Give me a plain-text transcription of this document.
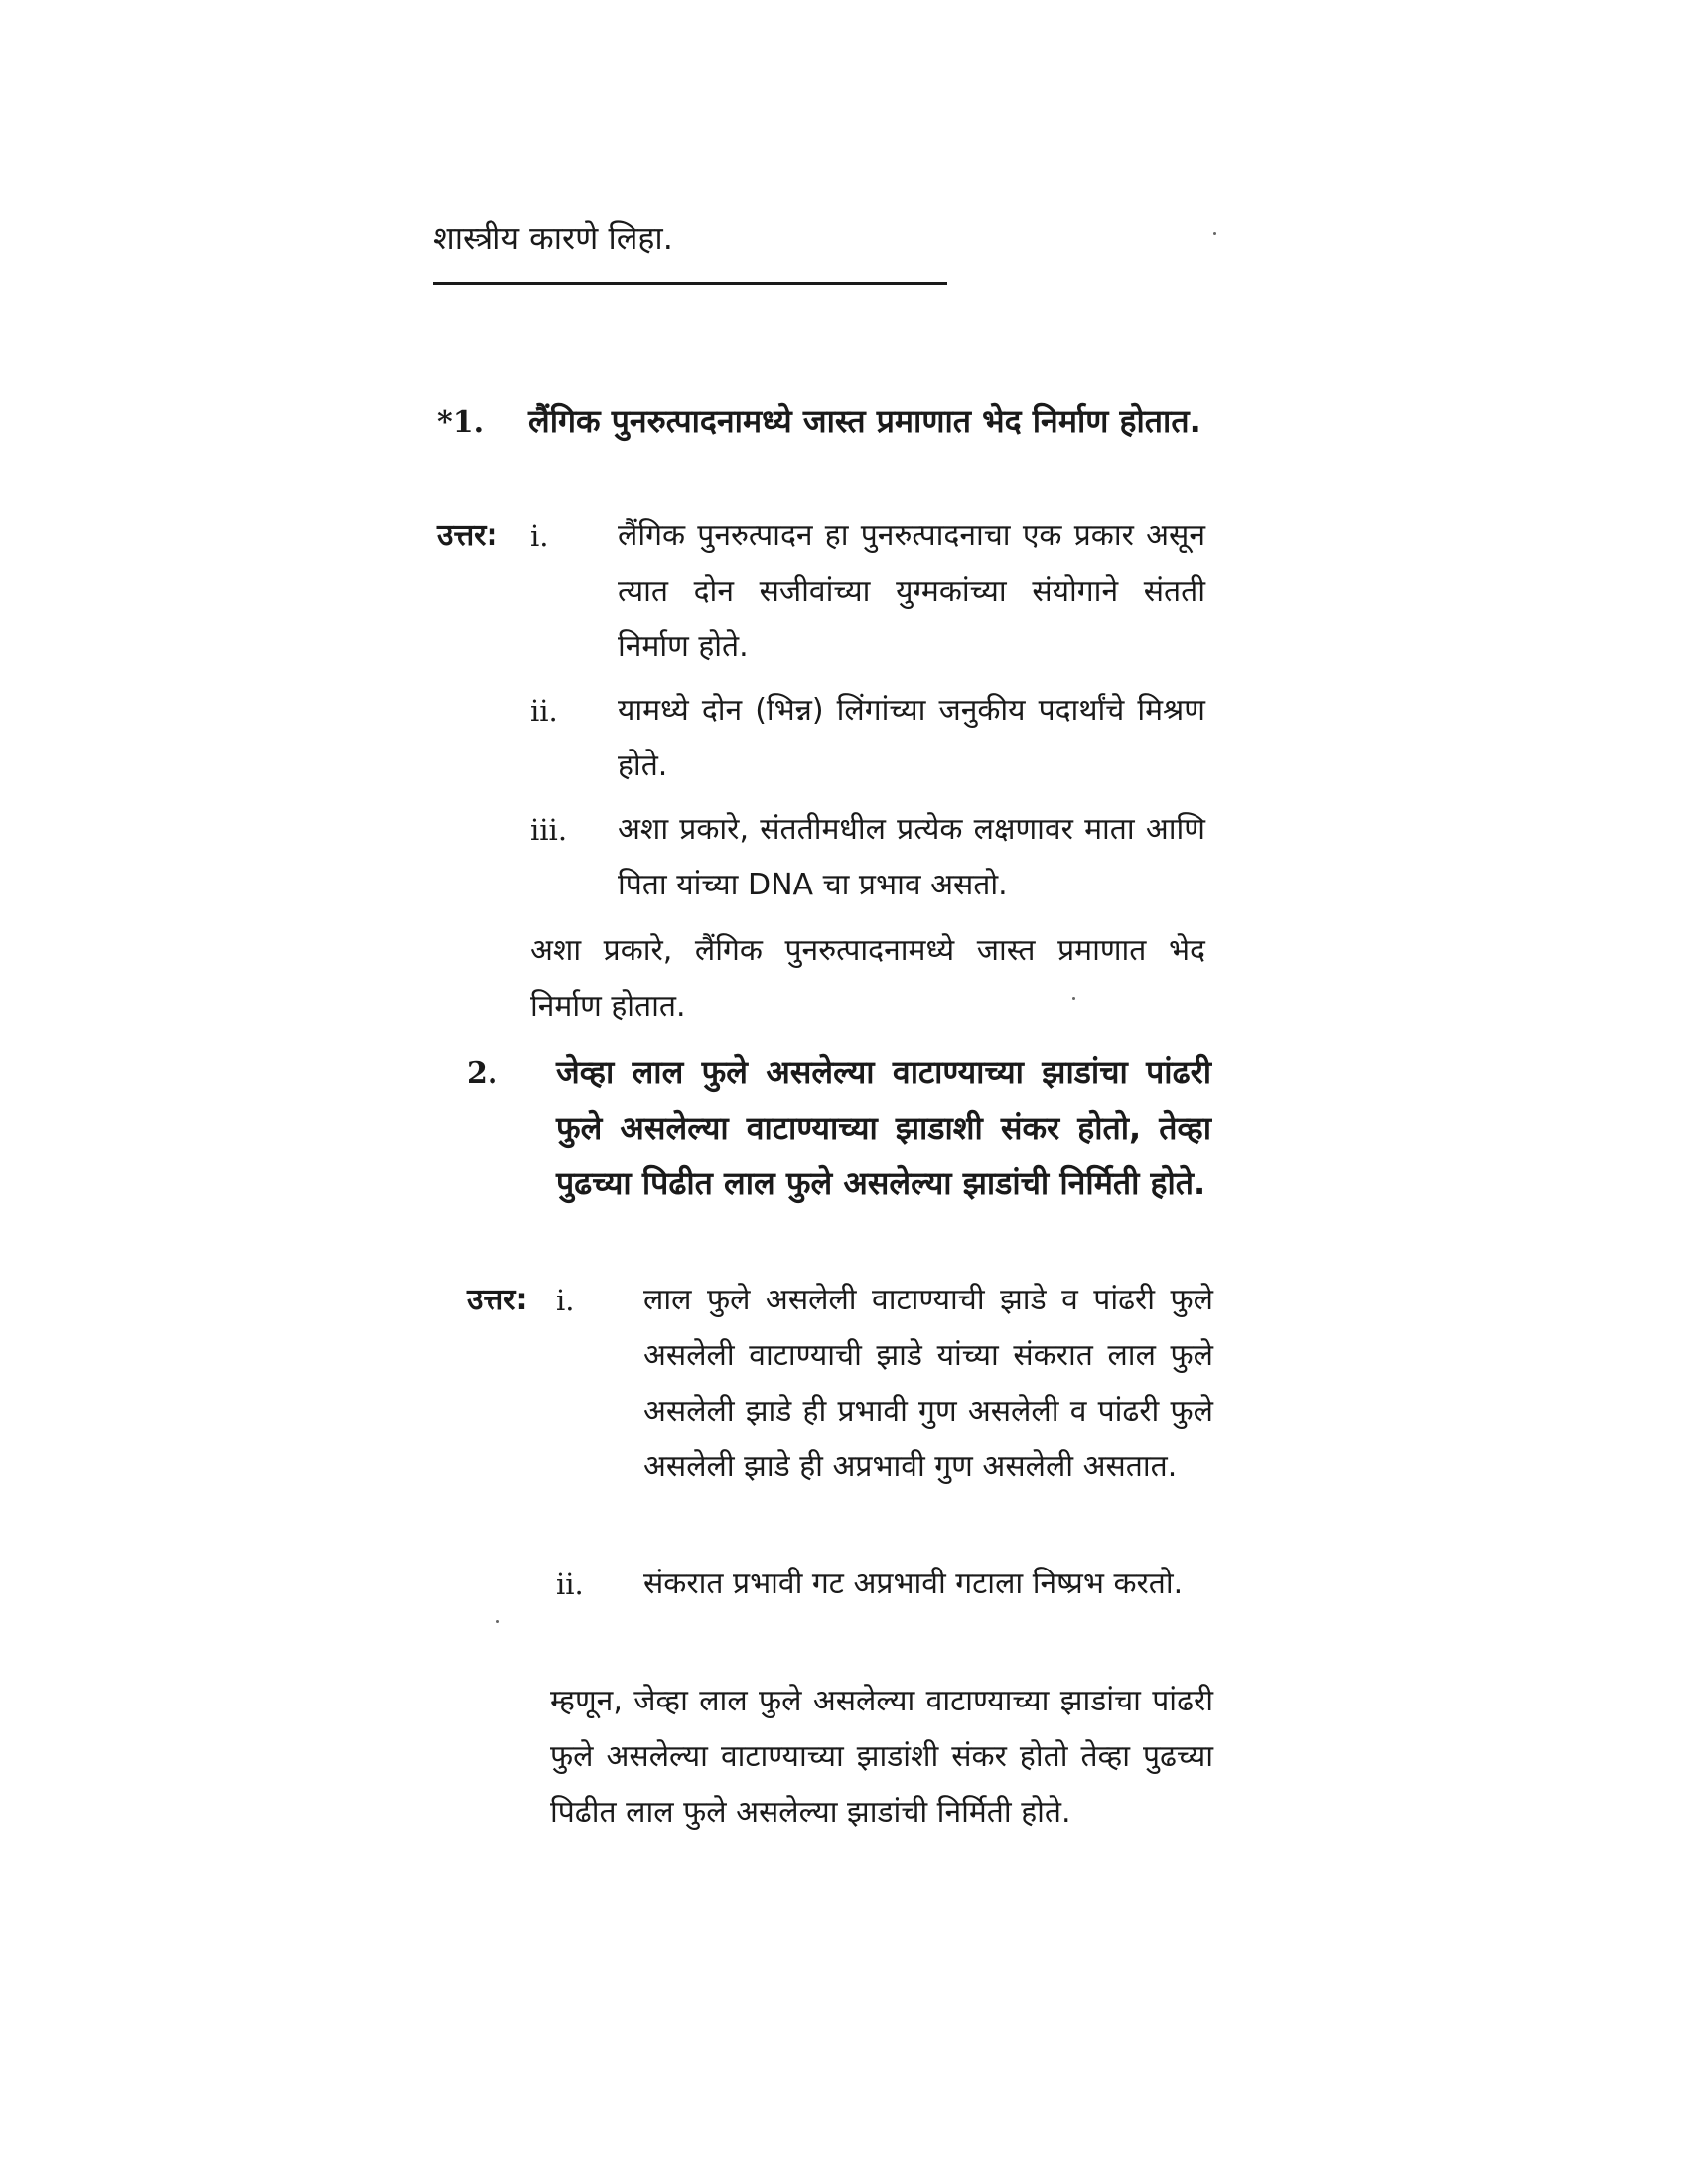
शास्त्रीय कारणे लिहा.
*1. लैंगिक पुनरुत्पादनामध्ये जास्त प्रमाणात भेद निर्माण होतात.
उत्तर: i. लैंगिक पुनरुत्पादन हा पुनरुत्पादनाचा एक प्रकार असून त्यात दोन सजीवांच्या युग्मकांच्या संयोगाने संतती निर्माण होते.
ii. यामध्ये दोन (भिन्न) लिंगांच्या जनुकीय पदार्थांचे मिश्रण होते.
iii. अशा प्रकारे, संततीमधील प्रत्येक लक्षणावर माता आणि पिता यांच्या DNA चा प्रभाव असतो.
अशा प्रकारे, लैंगिक पुनरुत्पादनामध्ये जास्त प्रमाणात भेद निर्माण होतात.
2. जेव्हा लाल फुले असलेल्या वाटाण्याच्या झाडांचा पांढरी फुले असलेल्या वाटाण्याच्या झाडाशी संकर होतो, तेव्हा पुढच्या पिढीत लाल फुले असलेल्या झाडांची निर्मिती होते.
उत्तर: i. लाल फुले असलेली वाटाण्याची झाडे व पांढरी फुले असलेली वाटाण्याची झाडे यांच्या संकरात लाल फुले असलेली झाडे ही प्रभावी गुण असलेली व पांढरी फुले असलेली झाडे ही अप्रभावी गुण असलेली असतात.
ii. संकरात प्रभावी गट अप्रभावी गटाला निष्प्रभ करतो.
म्हणून, जेव्हा लाल फुले असलेल्या वाटाण्याच्या झाडांचा पांढरी फुले असलेल्या वाटाण्याच्या झाडांशी संकर होतो तेव्हा पुढच्या पिढीत लाल फुले असलेल्या झाडांची निर्मिती होते.
